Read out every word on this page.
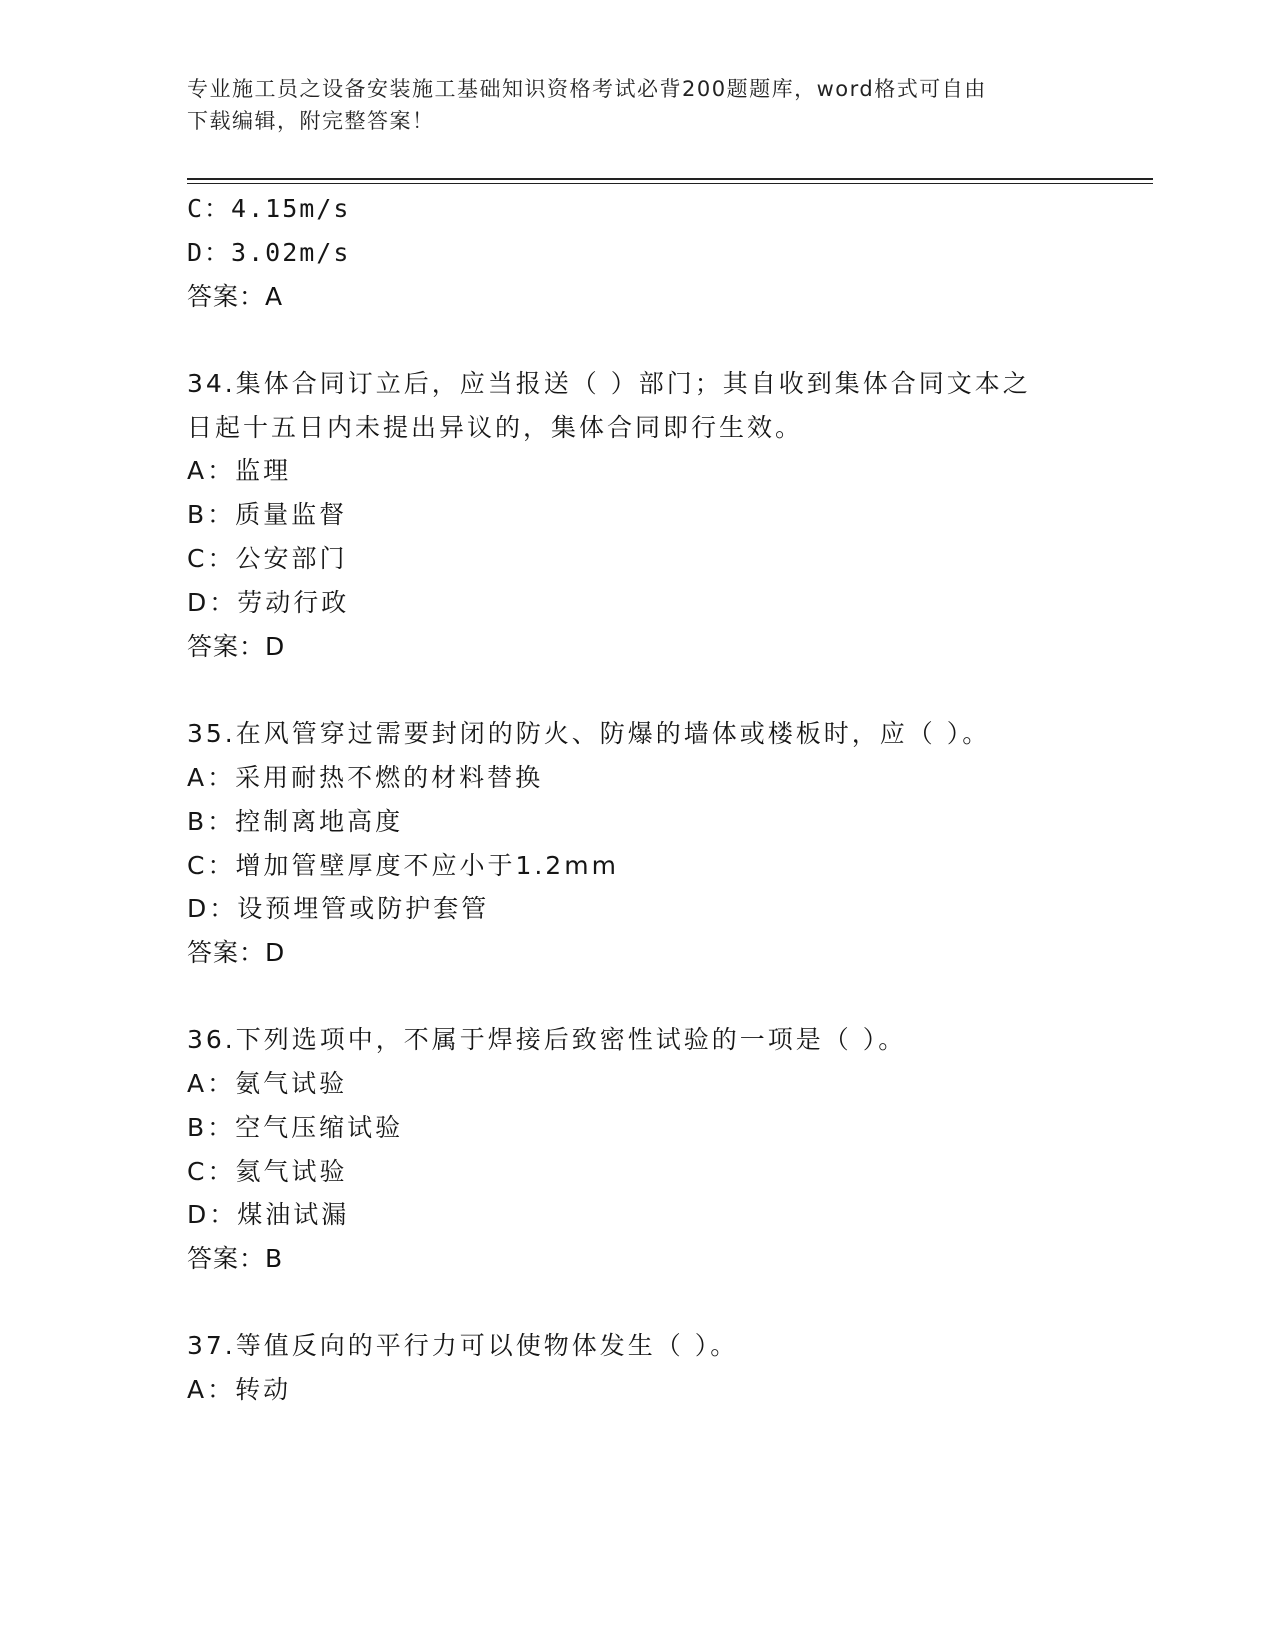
专业施工员之设备安装施工基础知识资格考试必背200题题库，word格式可自由
下载编辑，附完整答案！
C：4.15m/s
D：3.02m/s
答案：A
34.集体合同订立后，应当报送（ ）部门；其自收到集体合同文本之
日起十五日内未提出异议的，集体合同即行生效。
A：监理
B：质量监督
C：公安部门
D：劳动行政
答案：D
35.在风管穿过需要封闭的防火、防爆的墙体或楼板时，应（ ）。
A：采用耐热不燃的材料替换
B：控制离地高度
C：增加管壁厚度不应小于1.2mm
D：设预埋管或防护套管
答案：D
36.下列选项中，不属于焊接后致密性试验的一项是（ ）。
A：氨气试验
B：空气压缩试验
C：氦气试验
D：煤油试漏
答案：B
37.等值反向的平行力可以使物体发生（ ）。
A：转动
